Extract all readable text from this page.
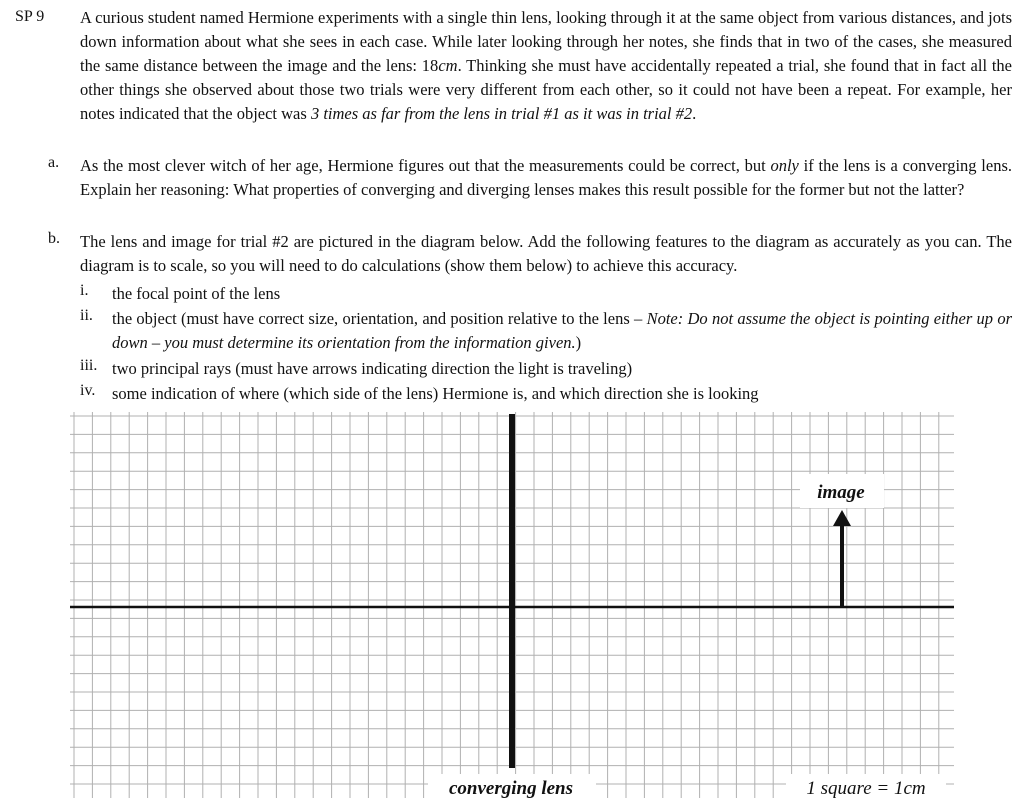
SP 9 A curious student named Hermione experiments with a single thin lens, looking through it at the same object from various distances, and jots down information about what she sees in each case. While later looking through her notes, she finds that in two of the cases, she measured the same distance between the image and the lens: 18cm. Thinking she must have accidentally repeated a trial, she found that in fact all the other things she observed about those two trials were very different from each other, so it could not have been a repeat. For example, her notes indicated that the object was 3 times as far from the lens in trial #1 as it was in trial #2.
a. As the most clever witch of her age, Hermione figures out that the measurements could be correct, but only if the lens is a converging lens. Explain her reasoning: What properties of converging and diverging lenses makes this result possible for the former but not the latter?
b. The lens and image for trial #2 are pictured in the diagram below. Add the following features to the diagram as accurately as you can. The diagram is to scale, so you will need to do calculations (show them below) to achieve this accuracy.
i. the focal point of the lens
ii. the object (must have correct size, orientation, and position relative to the lens – Note: Do not assume the object is pointing either up or down – you must determine its orientation from the information given.)
iii. two principal rays (must have arrows indicating direction the light is traveling)
iv. some indication of where (which side of the lens) Hermione is, and which direction she is looking
image
converging lens	1 square = 1cm
